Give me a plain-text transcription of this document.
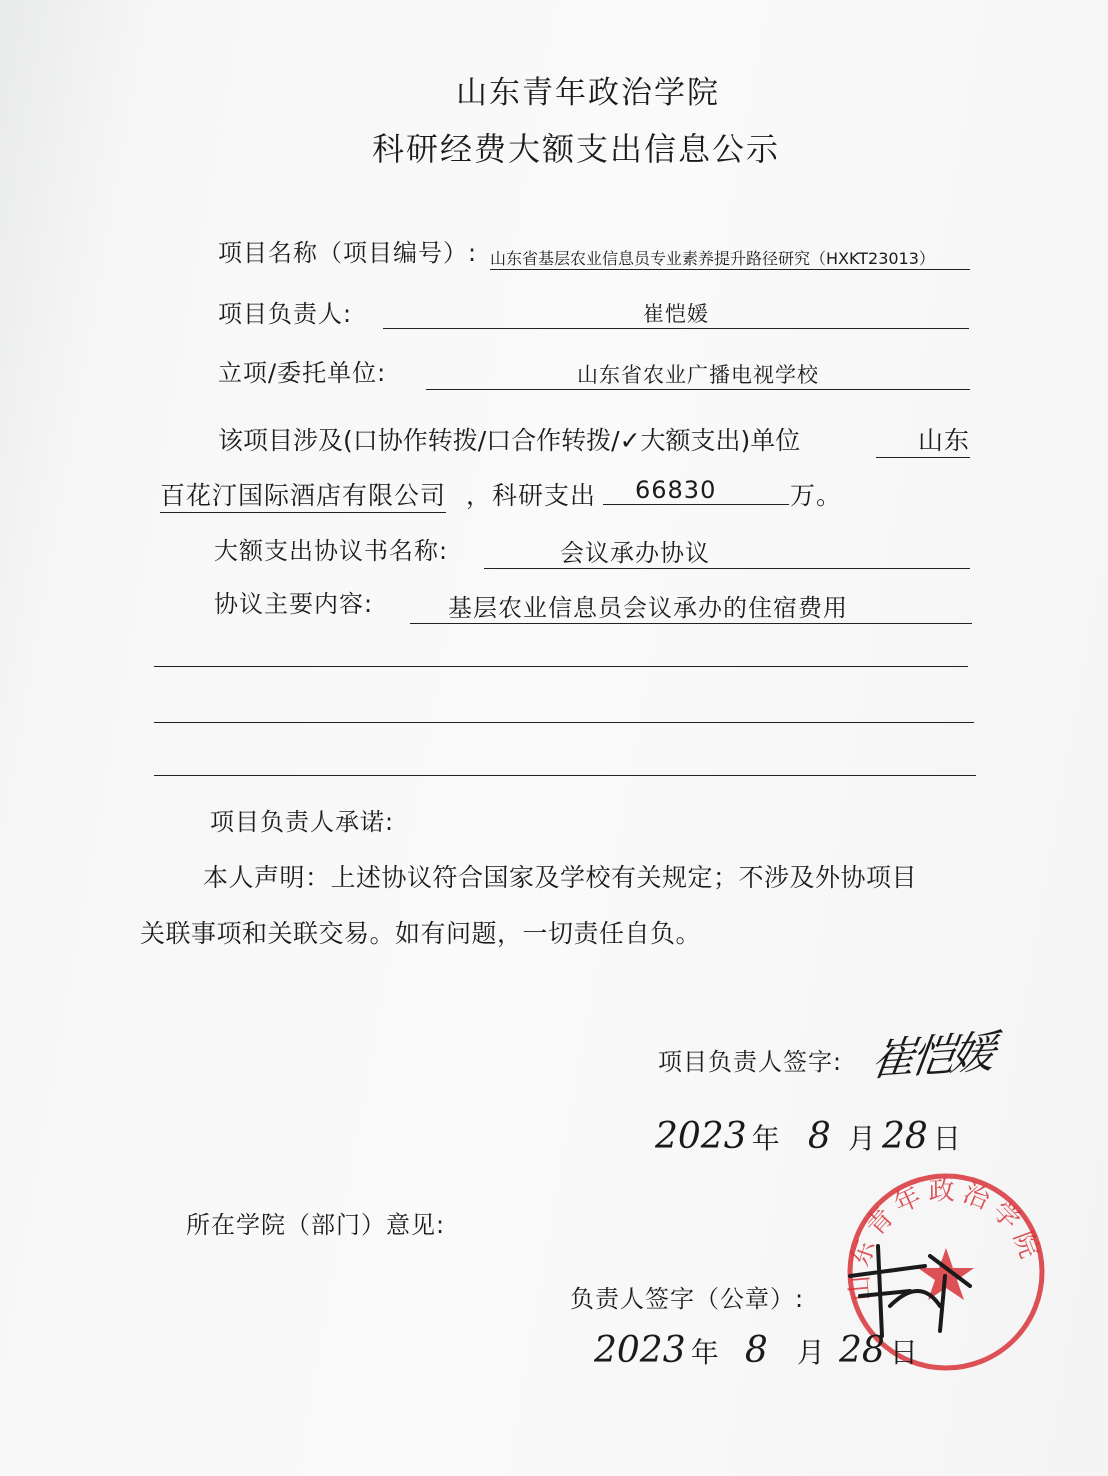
山东青年政治学院
科研经费大额支出信息公示
项目名称（项目编号）: 山东省基层农业信息员专业素养提升路径研究（HXKT23013）
项目负责人:	崔恺媛
立项/委托单位:	山东省农业广播电视学校
该项目涉及(口协作转拨/口合作转拨/✓大额支出)单位	山东
百花汀国际酒店有限公司 ，科研支出	66830	万。
大额支出协议书名称:	会议承办协议
协议主要内容:	基层农业信息员会议承办的住宿费用
项目负责人承诺:
本人声明：上述协议符合国家及学校有关规定；不涉及外协项目
关联事项和关联交易。如有问题，一切责任自负。
项目负责人签字: 崔恺媛
2023 年 8 月 28 日
所在学院（部门）意见:
山东青年政治学院
负责人签字（公章）:
2023 年 8 月 28 日
